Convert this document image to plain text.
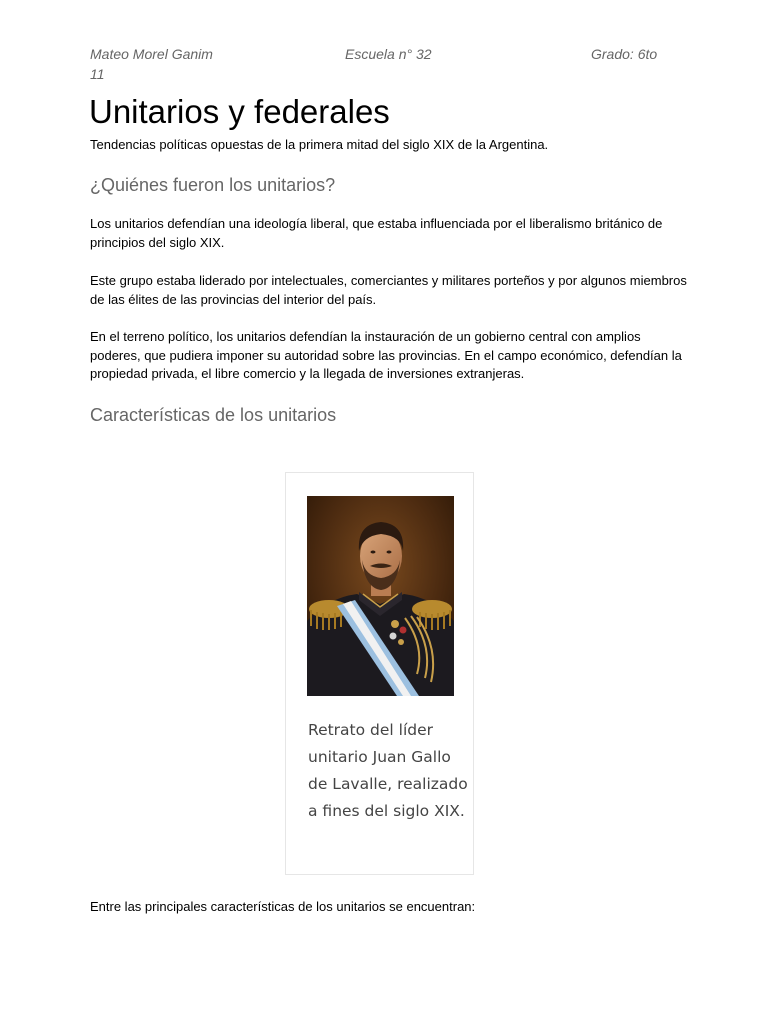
Mateo Morel Ganim	Escuela n° 32	Grado: 6to
11
Unitarios y federales

Tendencias políticas opuestas de la primera mitad del siglo XIX de la Argentina.

¿Quiénes fueron los unitarios?

Los unitarios defendían una ideología liberal, que estaba influenciada por el liberalismo británico de principios del siglo XIX.

Este grupo estaba liderado por intelectuales, comerciantes y militares porteños y por algunos miembros de las élites de las provincias del interior del país.

En el terreno político, los unitarios defendían la instauración de un gobierno central con amplios poderes, que pudiera imponer su autoridad sobre las provincias. En el campo económico, defendían la propiedad privada, el libre comercio y la llegada de inversiones extranjeras.

Características de los unitarios

Retrato del líder unitario Juan Gallo de Lavalle, realizado a fines del siglo XIX.

Entre las principales características de los unitarios se encuentran:
